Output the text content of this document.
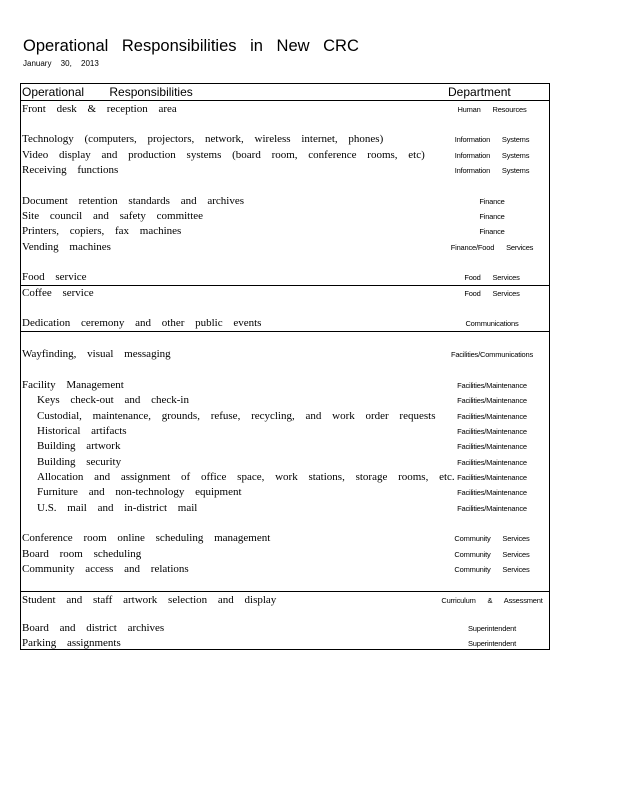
Operational Responsibilities in New CRC
January 30, 2013
Operational Responsibilities	Department
Front desk & reception area	Human Resources
Technology (computers, projectors, network, wireless internet, phones)	Information Systems
Video display and production systems (board room, conference rooms, etc)	Information Systems
Receiving functions	Information Systems
Document retention standards and archives	Finance
Site council and safety committee	Finance
Printers, copiers, fax machines	Finance
Vending machines	Finance/Food Services
Food service	Food Services
Coffee service	Food Services
Dedication ceremony and other public events	Communications
Wayfinding, visual messaging	Facilities/Communications
Facility Management	Facilities/Maintenance
Keys check-out and check-in	Facilities/Maintenance
Custodial, maintenance, grounds, refuse, recycling, and work order requests	Facilities/Maintenance
Historical artifacts	Facilities/Maintenance
Building artwork	Facilities/Maintenance
Building security	Facilities/Maintenance
Allocation and assignment of office space, work stations, storage rooms, etc. Facilities/Maintenance
Furniture and non-technology equipment	Facilities/Maintenance
U.S. mail and in-district mail	Facilities/Maintenance
Conference room online scheduling management	Community Services
Board room scheduling	Community Services
Community access and relations	Community Services
Student and staff artwork selection and display	Curriculum & Assessment
Board and district archives	Superintendent
Parking assignments	Superintendent
